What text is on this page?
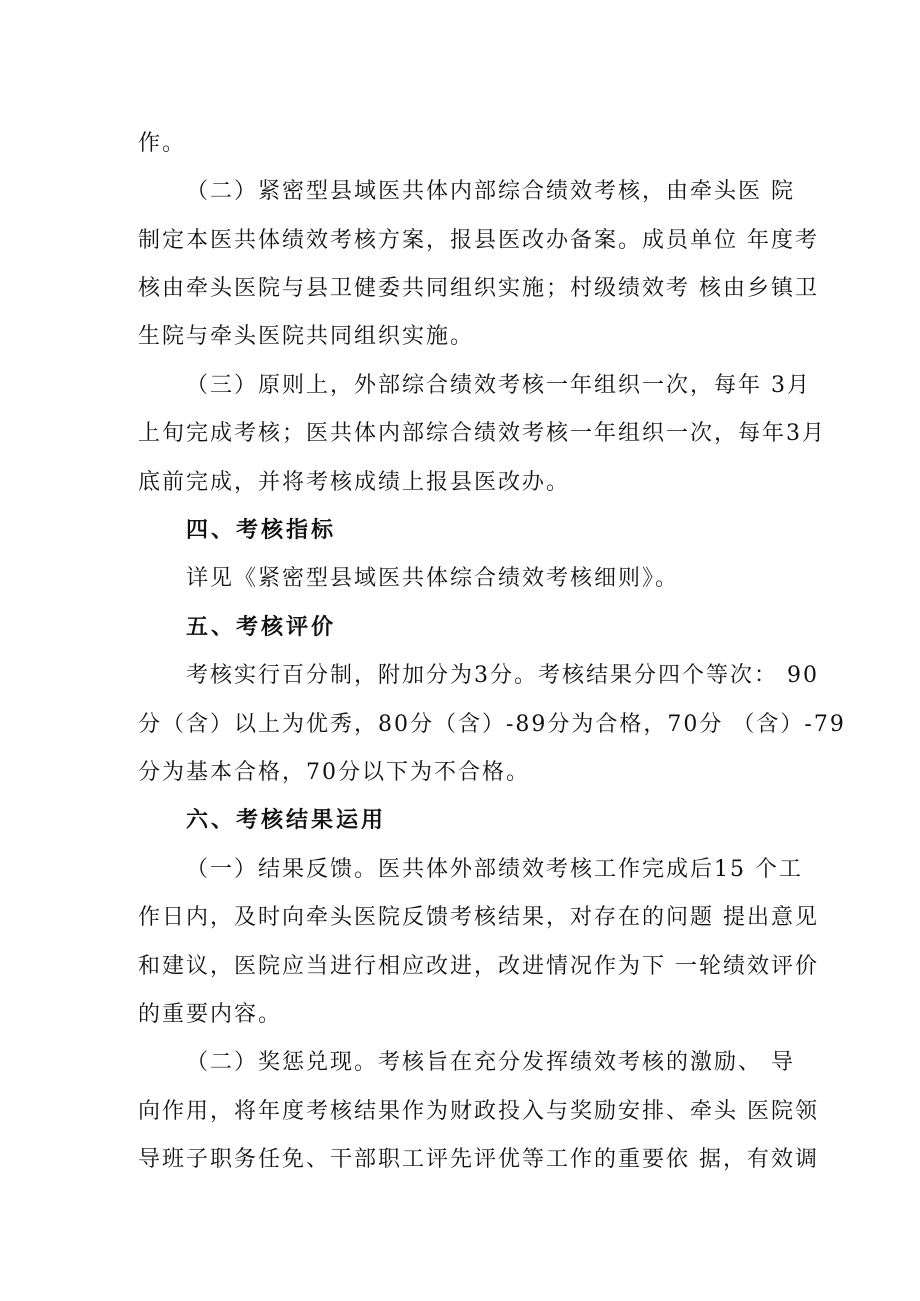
作。
（二）紧密型县域医共体内部综合绩效考核，由牵头医 院
制定本医共体绩效考核方案，报县医改办备案。成员单位 年度考
核由牵头医院与县卫健委共同组织实施；村级绩效考 核由乡镇卫
生院与牵头医院共同组织实施。
（三）原则上，外部综合绩效考核一年组织一次，每年 3月
上旬完成考核；医共体内部综合绩效考核一年组织一次，每年3月
底前完成，并将考核成绩上报县医改办。
四、考核指标
详见《紧密型县域医共体综合绩效考核细则》。
五、考核评价
考核实行百分制，附加分为3分。考核结果分四个等次： 90
分（含）以上为优秀，80分（含）-89分为合格，70分 （含）-79
分为基本合格，70分以下为不合格。
六、考核结果运用
（一）结果反馈。医共体外部绩效考核工作完成后15 个工
作日内，及时向牵头医院反馈考核结果，对存在的问题 提出意见
和建议，医院应当进行相应改进，改进情况作为下 一轮绩效评价
的重要内容。
（二）奖惩兑现。考核旨在充分发挥绩效考核的激励、 导
向作用，将年度考核结果作为财政投入与奖励安排、牵头 医院领
导班子职务任免、干部职工评先评优等工作的重要依 据，有效调
